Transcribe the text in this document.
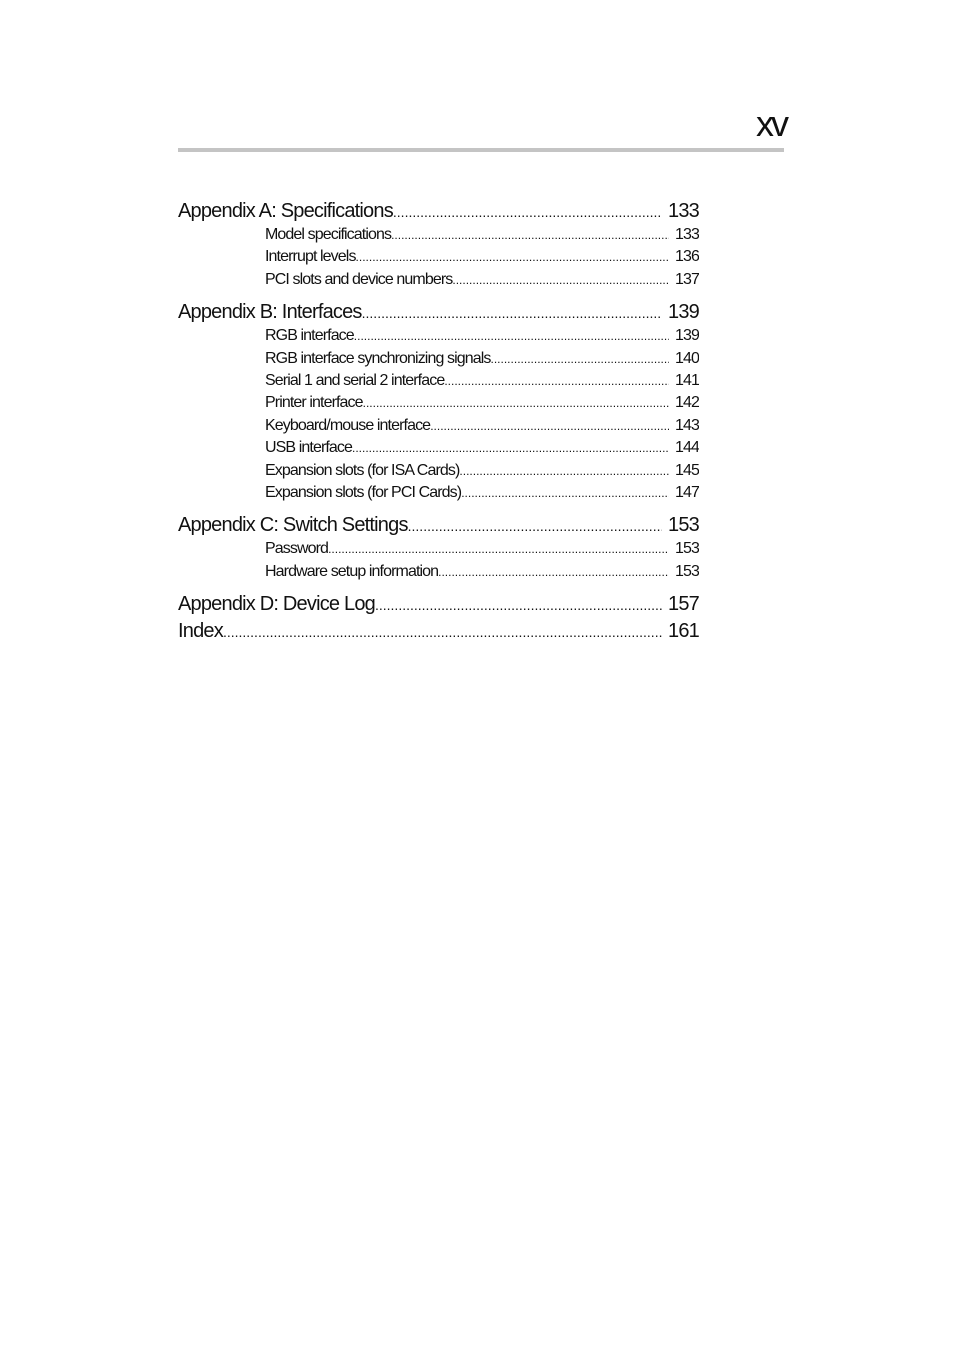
xv
Appendix A: Specifications .....	133
Model specifications .....	133
Interrupt levels .....	136
PCI slots and device numbers .....	137
Appendix B: Interfaces .....	139
RGB interface .....	139
RGB interface synchronizing signals .....	140
Serial 1 and serial 2 interface .....	141
Printer interface .....	142
Keyboard/mouse interface .....	143
USB interface .....	144
Expansion slots (for ISA Cards) .....	145
Expansion slots (for PCI Cards) .....	147
Appendix C: Switch Settings .....	153
Password .....	153
Hardware setup information .....	153
Appendix D: Device Log .....	157
Index .....	161
